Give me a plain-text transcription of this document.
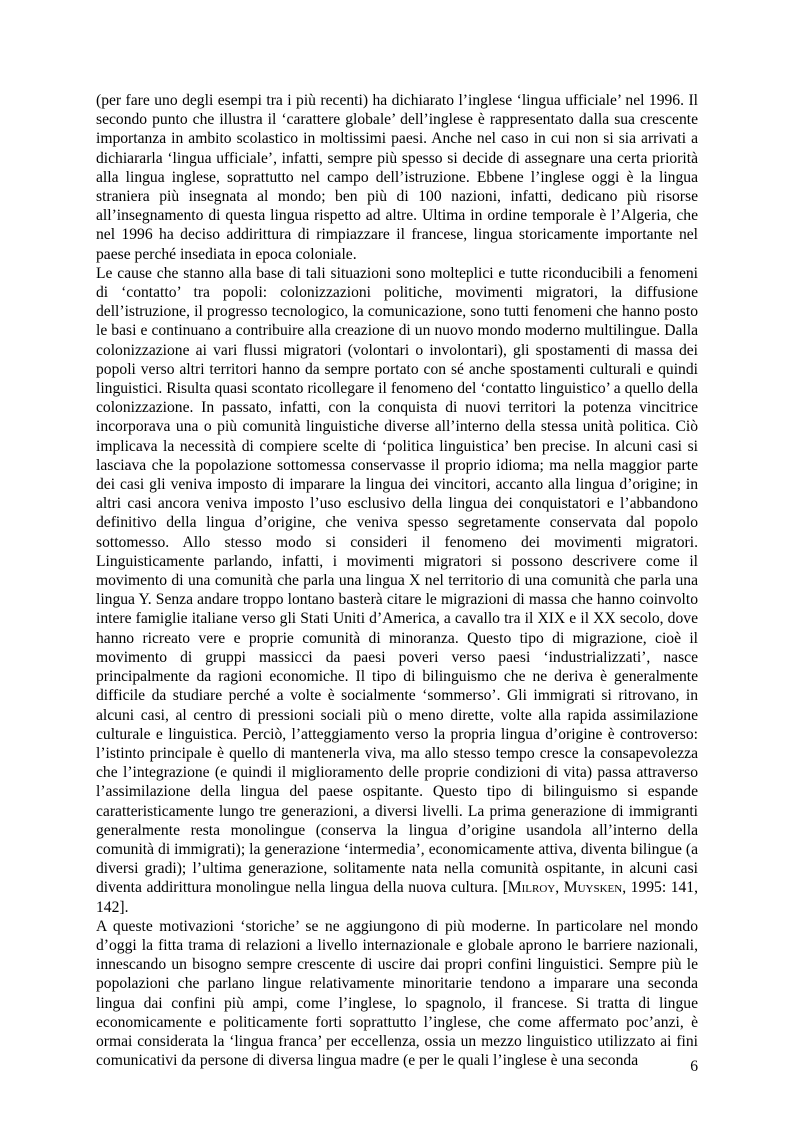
(per fare uno degli esempi tra i più recenti) ha dichiarato l’inglese ‘lingua ufficiale’ nel 1996. Il secondo punto che illustra il ‘carattere globale’ dell’inglese è rappresentato dalla sua crescente importanza in ambito scolastico in moltissimi paesi. Anche nel caso in cui non si sia arrivati a dichiararla ‘lingua ufficiale’, infatti, sempre più spesso si decide di assegnare una certa priorità alla lingua inglese, soprattutto nel campo dell’istruzione. Ebbene l’inglese oggi è la lingua straniera più insegnata al mondo; ben più di 100 nazioni, infatti, dedicano più risorse all’insegnamento di questa lingua rispetto ad altre. Ultima in ordine temporale è l’Algeria, che nel 1996 ha deciso addirittura di rimpiazzare il francese, lingua storicamente importante nel paese perché insediata in epoca coloniale.

Le cause che stanno alla base di tali situazioni sono molteplici e tutte riconducibili a fenomeni di ‘contatto’ tra popoli: colonizzazioni politiche, movimenti migratori, la diffusione dell’istruzione, il progresso tecnologico, la comunicazione, sono tutti fenomeni che hanno posto le basi e continuano a contribuire alla creazione di un nuovo mondo moderno multilingue. Dalla colonizzazione ai vari flussi migratori (volontari o involontari), gli spostamenti di massa dei popoli verso altri territori hanno da sempre portato con sé anche spostamenti culturali e quindi linguistici. Risulta quasi scontato ricollegare il fenomeno del ‘contatto linguistico’ a quello della colonizzazione. In passato, infatti, con la conquista di nuovi territori la potenza vincitrice incorporava una o più comunità linguistiche diverse all’interno della stessa unità politica. Ciò implicava la necessità di compiere scelte di ‘politica linguistica’ ben precise. In alcuni casi si lasciava che la popolazione sottomessa conservasse il proprio idioma; ma nella maggior parte dei casi gli veniva imposto di imparare la lingua dei vincitori, accanto alla lingua d’origine; in altri casi ancora veniva imposto l’uso esclusivo della lingua dei conquistatori e l’abbandono definitivo della lingua d’origine, che veniva spesso segretamente conservata dal popolo sottomesso. Allo stesso modo si consideri il fenomeno dei movimenti migratori. Linguisticamente parlando, infatti, i movimenti migratori si possono descrivere come il movimento di una comunità che parla una lingua X nel territorio di una comunità che parla una lingua Y. Senza andare troppo lontano basterà citare le migrazioni di massa che hanno coinvolto intere famiglie italiane verso gli Stati Uniti d’America, a cavallo tra il XIX e il XX secolo, dove hanno ricreato vere e proprie comunità di minoranza. Questo tipo di migrazione, cioè il movimento di gruppi massicci da paesi poveri verso paesi ‘industrializzati’, nasce principalmente da ragioni economiche. Il tipo di bilinguismo che ne deriva è generalmente difficile da studiare perché a volte è socialmente ‘sommerso’. Gli immigrati si ritrovano, in alcuni casi, al centro di pressioni sociali più o meno dirette, volte alla rapida assimilazione culturale e linguistica. Perciò, l’atteggiamento verso la propria lingua d’origine è controverso: l’istinto principale è quello di mantenerla viva, ma allo stesso tempo cresce la consapevolezza che l’integrazione (e quindi il miglioramento delle proprie condizioni di vita) passa attraverso l’assimilazione della lingua del paese ospitante. Questo tipo di bilinguismo si espande caratteristicamente lungo tre generazioni, a diversi livelli. La prima generazione di immigranti generalmente resta monolingue (conserva la lingua d’origine usandola all’interno della comunità di immigrati); la generazione ‘intermedia’, economicamente attiva, diventa bilingue (a diversi gradi); l’ultima generazione, solitamente nata nella comunità ospitante, in alcuni casi diventa addirittura monolingue nella lingua della nuova cultura. [Milroy, Muysken, 1995: 141, 142].

A queste motivazioni ‘storiche’ se ne aggiungono di più moderne. In particolare nel mondo d’oggi la fitta trama di relazioni a livello internazionale e globale aprono le barriere nazionali, innescando un bisogno sempre crescente di uscire dai propri confini linguistici. Sempre più le popolazioni che parlano lingue relativamente minoritarie tendono a imparare una seconda lingua dai confini più ampi, come l’inglese, lo spagnolo, il francese. Si tratta di lingue economicamente e politicamente forti soprattutto l’inglese, che come affermato poc’anzi, è ormai considerata la ‘lingua franca’ per eccellenza, ossia un mezzo linguistico utilizzato ai fini comunicativi da persone di diversa lingua madre (e per le quali l’inglese è una seconda	6
